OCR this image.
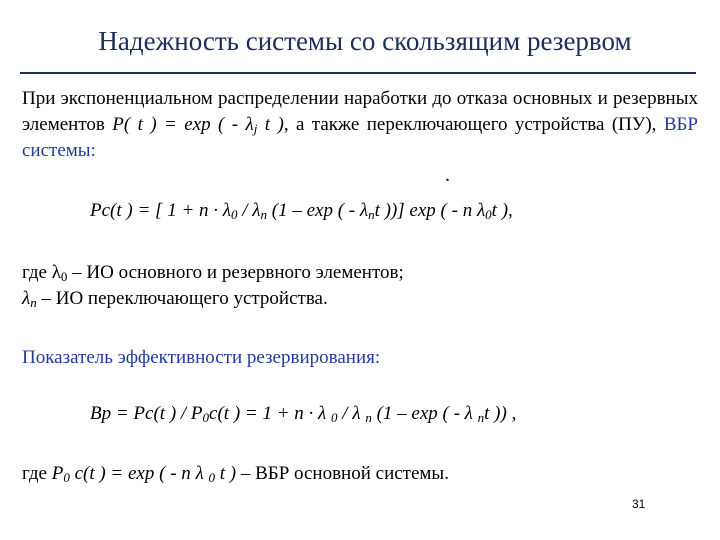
Надежность системы со скользящим резервом
При экспоненциальном распределении наработки до отказа основных и резервных элементов P( t ) = exp ( - $\lambda_j$ t ), а также переключающего устройства (ПУ), ВБР системы:
.
Pc(t ) = [ $1 + n \cdot \lambda_0 / \lambda_n$ (1 – exp ( - $\lambda_nt$ ))] exp ( - n $\lambda_0t$ ),
где $\lambda_0$ – ИО основного и резервного элементов;
$\lambda_n$ – ИО переключающего устройства.
Показатель эффективности резервирования:
Bp = Pc(t ) / $P_0c(t$ ) = 1 + n · λ $_0$ / λ $_n$ (1 – exp ( - λ $_n$t )) ,
где $P_0$ c(t ) = exp ( - n λ $_0$ t ) – ВБР основной системы.
31
